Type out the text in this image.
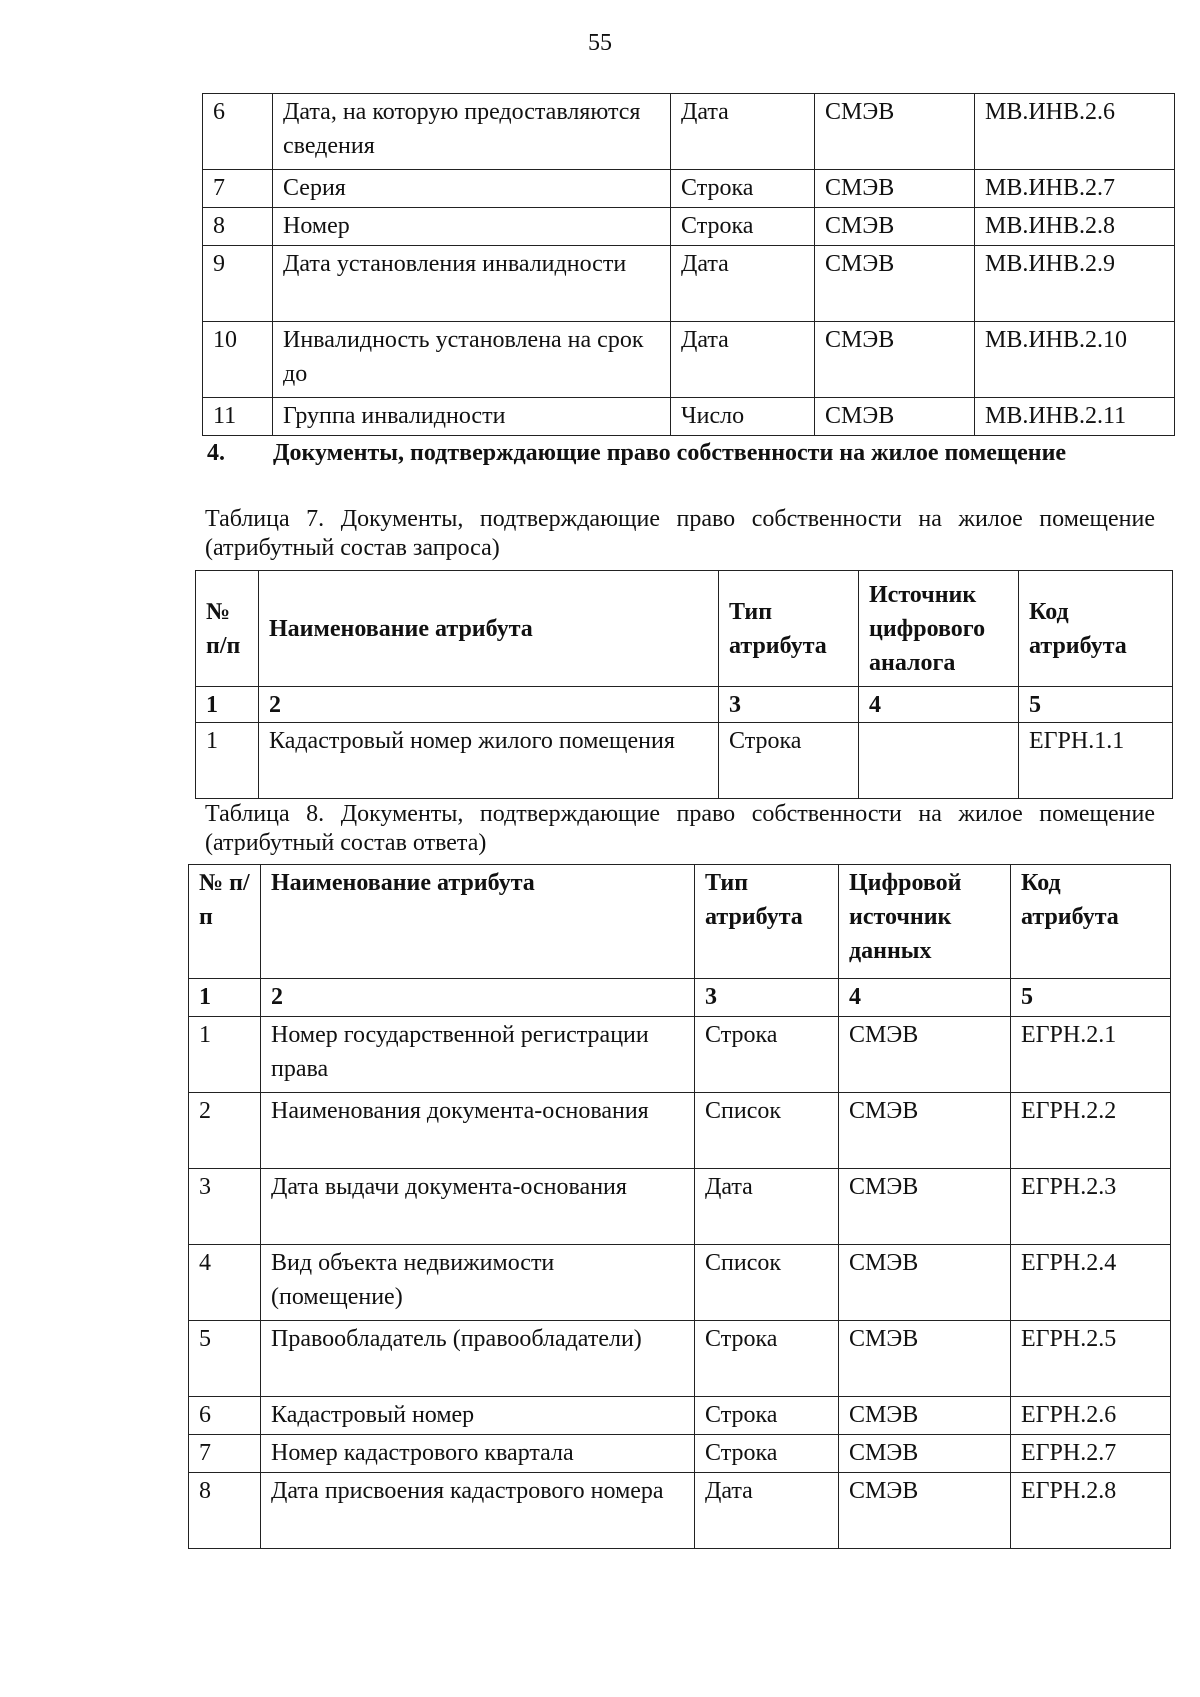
55
6	Дата, на которую предоставляются сведения	Дата	СМЭВ	МВ.ИНВ.2.6
7	Серия	Строка	СМЭВ	МВ.ИНВ.2.7
8	Номер	Строка	СМЭВ	МВ.ИНВ.2.8
9	Дата установления инвалидности	Дата	СМЭВ	МВ.ИНВ.2.9
10	Инвалидность установлена на срок до	Дата	СМЭВ	МВ.ИНВ.2.10
11	Группа инвалидности	Число	СМЭВ	МВ.ИНВ.2.11
4. Документы, подтверждающие право собственности на жилое помещение
Таблица 7. Документы, подтверждающие право собственности на жилое помещение (атрибутный состав запроса)
№ п/п	Наименование атрибута	Тип атрибута	Источник цифрового аналога	Код атрибута
1	2	3	4	5
1	Кадастровый номер жилого помещения	Строка		ЕГРН.1.1
Таблица 8. Документы, подтверждающие право собственности на жилое помещение (атрибутный состав ответа)
№ п/п	Наименование атрибута	Тип атрибута	Цифровой источник данных	Код атрибута
1	2	3	4	5
1	Номер государственной регистрации права	Строка	СМЭВ	ЕГРН.2.1
2	Наименования документа-основания	Список	СМЭВ	ЕГРН.2.2
3	Дата выдачи документа-основания	Дата	СМЭВ	ЕГРН.2.3
4	Вид объекта недвижимости (помещение)	Список	СМЭВ	ЕГРН.2.4
5	Правообладатель (правообладатели)	Строка	СМЭВ	ЕГРН.2.5
6	Кадастровый номер	Строка	СМЭВ	ЕГРН.2.6
7	Номер кадастрового квартала	Строка	СМЭВ	ЕГРН.2.7
8	Дата присвоения кадастрового номера	Дата	СМЭВ	ЕГРН.2.8
